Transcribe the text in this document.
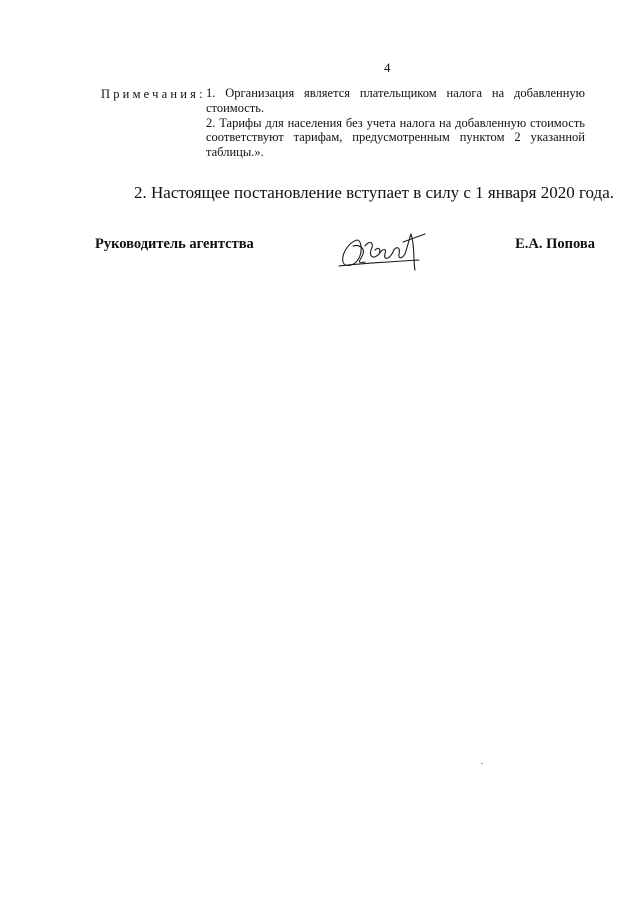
4
Примечания: 1. Организация является плательщиком налога на добавленную

стоимость.

2. Тарифы для населения без учета налога на добавленную стоимость

соответствуют тарифам, предусмотренным пунктом 2 указанной

таблицы.».

2. Настоящее постановление вступает в силу с 1 января 2020 года.
Руководитель агентства	Е.А. Попова
